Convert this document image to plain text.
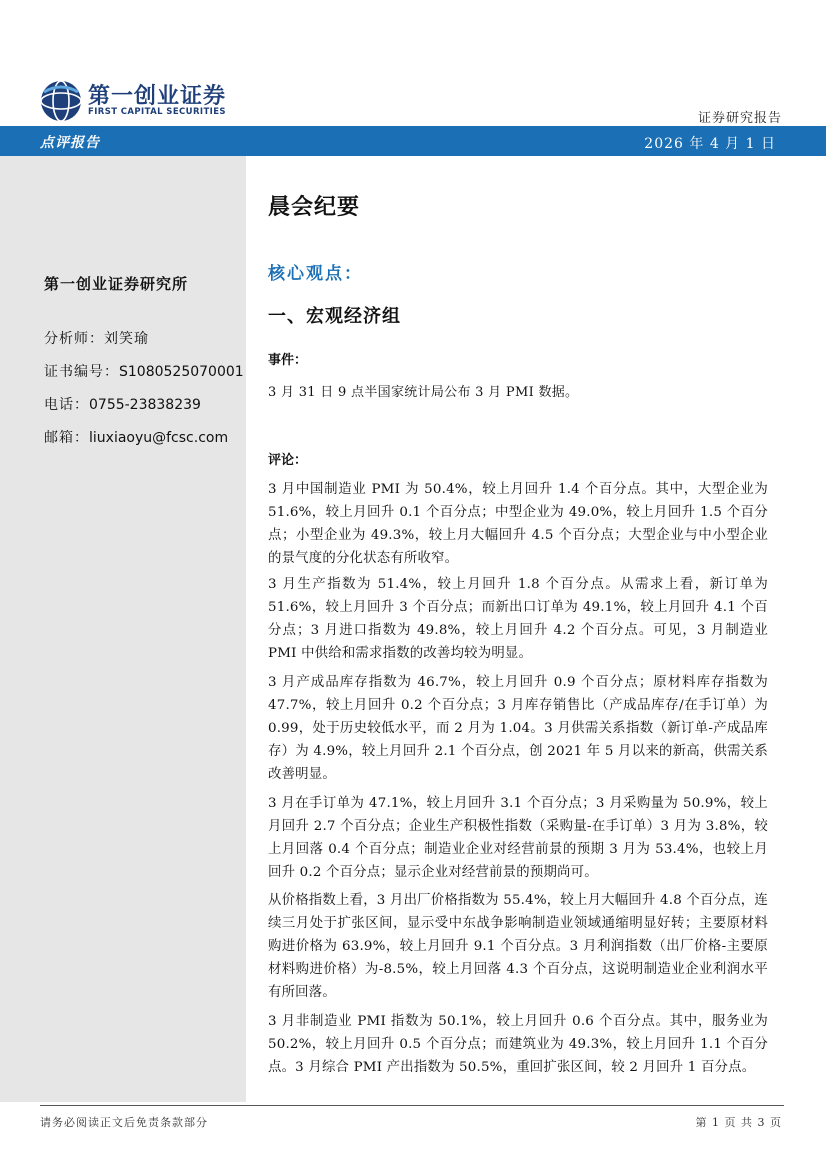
第一创业证券
FIRST CAPITAL SECURITIES	证券研究报告
点评报告	2026 年 4 月 1 日
第一创业证券研究所
分析师：刘笑瑜
证书编号：S1080525070001
电话：0755-23838239
邮箱：liuxiaoyu@fcsc.com
晨会纪要
核心观点：
一、宏观经济组
事件：
3 月 31 日 9 点半国家统计局公布 3 月 PMI 数据。
评论：
3 月中国制造业 PMI 为 50.4%，较上月回升 1.4 个百分点。其中，大型企业为 51.6%，较上月回升 0.1 个百分点；中型企业为 49.0%，较上月回升 1.5 个百分点；小型企业为 49.3%，较上月大幅回升 4.5 个百分点；大型企业与中小型企业的景气度的分化状态有所收窄。
3 月生产指数为 51.4%，较上月回升 1.8 个百分点。从需求上看，新订单为 51.6%，较上月回升 3 个百分点；而新出口订单为 49.1%，较上月回升 4.1 个百分点；3 月进口指数为 49.8%，较上月回升 4.2 个百分点。可见，3 月制造业 PMI 中供给和需求指数的改善均较为明显。
3 月产成品库存指数为 46.7%，较上月回升 0.9 个百分点；原材料库存指数为 47.7%，较上月回升 0.2 个百分点；3 月库存销售比（产成品库存/在手订单）为 0.99，处于历史较低水平，而 2 月为 1.04。3 月供需关系指数（新订单-产成品库存）为 4.9%，较上月回升 2.1 个百分点，创 2021 年 5 月以来的新高，供需关系改善明显。
3 月在手订单为 47.1%，较上月回升 3.1 个百分点；3 月采购量为 50.9%，较上月回升 2.7 个百分点；企业生产积极性指数（采购量-在手订单）3 月为 3.8%，较上月回落 0.4 个百分点；制造业企业对经营前景的预期 3 月为 53.4%，也较上月回升 0.2 个百分点；显示企业对经营前景的预期尚可。
从价格指数上看，3 月出厂价格指数为 55.4%，较上月大幅回升 4.8 个百分点，连续三月处于扩张区间，显示受中东战争影响制造业领域通缩明显好转；主要原材料购进价格为 63.9%，较上月回升 9.1 个百分点。3 月利润指数（出厂价格-主要原材料购进价格）为-8.5%，较上月回落 4.3 个百分点，这说明制造业企业利润水平有所回落。
3 月非制造业 PMI 指数为 50.1%，较上月回升 0.6 个百分点。其中，服务业为 50.2%，较上月回升 0.5 个百分点；而建筑业为 49.3%，较上月回升 1.1 个百分点。3 月综合 PMI 产出指数为 50.5%，重回扩张区间，较 2 月回升 1 百分点。
请务必阅读正文后免责条款部分	第 1 页 共 3 页
